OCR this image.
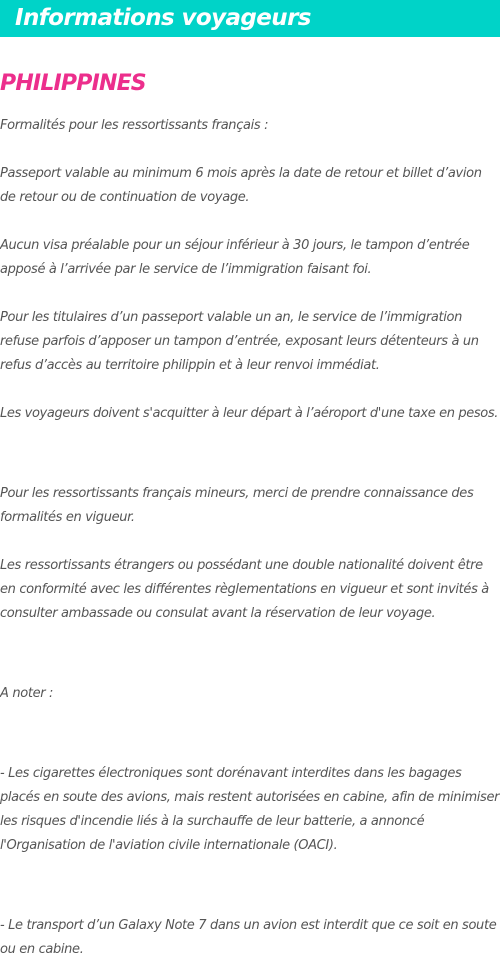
Informations voyageurs
PHILIPPINES

Formalités pour les ressortissants français :

Passeport valable au minimum 6 mois après la date de retour et billet d’avion
de retour ou de continuation de voyage.

Aucun visa préalable pour un séjour inférieur à 30 jours, le tampon d’entrée
apposé à l’arrivée par le service de l’immigration faisant foi.

Pour les titulaires d’un passeport valable un an, le service de l’immigration
refuse parfois d’apposer un tampon d’entrée, exposant leurs détenteurs à un
refus d’accès au territoire philippin et à leur renvoi immédiat.

Les voyageurs doivent s'acquitter à leur départ à l’aéroport d'une taxe en pesos.

Pour les ressortissants français mineurs, merci de prendre connaissance des
formalités en vigueur.

Les ressortissants étrangers ou possédant une double nationalité doivent être
en conformité avec les différentes règlementations en vigueur et sont invités à
consulter ambassade ou consulat avant la réservation de leur voyage.

A noter :

- Les cigarettes électroniques sont dorénavant interdites dans les bagages
placés en soute des avions, mais restent autorisées en cabine, afin de minimiser
les risques d'incendie liés à la surchauffe de leur batterie, a annoncé
l'Organisation de l'aviation civile internationale (OACI).

- Le transport d’un Galaxy Note 7 dans un avion est interdit que ce soit en soute
ou en cabine.
